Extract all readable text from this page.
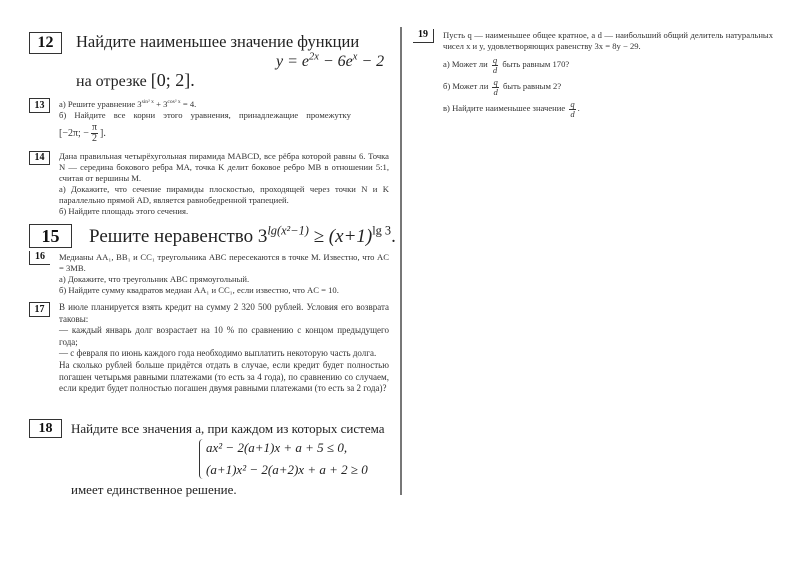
12	Найдите наименьшее значение функции
$y = e^{2x} - 6e^x - 2$
на отрезке [0; 2].
13	а) Решите уравнение $3^{sin^2 x} + 3^{cos^2 x} = 4$.
б) Найдите все корни этого уравнения, принадлежащие промежутку
[−2π; − $\frac{\pi}{2}$ ].
14	Дана правильная четырёхугольная пирамида MABCD, все рёбра которой равны 6. Точка N — середина бокового ребра MA, точка K делит боковое ребро MB в отношении 5:1, считая от вершины M.
а) Докажите, что сечение пирамиды плоскостью, проходящей через точки N и K параллельно прямой AD, является равнобедренной трапецией.
б) Найдите площадь этого сечения.
15	Решите неравенство $3^{lg(x^2-1)} \ge (x+1)^{lg 3}$.
16	Медианы AA₁, BB₁ и CC₁ треугольника ABC пересекаются в точке M. Известно, что AC = 3MB.
а) Докажите, что треугольник ABC прямоугольный.
б) Найдите сумму квадратов медиан AA₁ и CC₁, если известно, что AC = 10.
17	В июле планируется взять кредит на сумму 2 320 500 рублей. Условия его возврата таковы:
— каждый январь долг возрастает на 10 % по сравнению с концом предыдущего года;
— с февраля по июнь каждого года необходимо выплатить некоторую часть долга.
На сколько рублей больше придётся отдать в случае, если кредит будет полностью погашен четырьмя равными платежами (то есть за 4 года), по сравнению со случаем, если кредит будет полностью погашен двумя равными платежами (то есть за 2 года)?
18	Найдите все значения a, при каждом из которых система
ax² − 2(a+1)x + a + 5 ≤ 0,
(a+1)x² − 2(a+2)x + a + 2 ≥ 0
имеет единственное решение.
19	Пусть q — наименьшее общее кратное, а d — наибольший общий делитель натуральных чисел x и y, удовлетворяющих равенству 3x = 8y − 29.
а) Может ли $\frac{q}{d}$ быть равным 170?
б) Может ли $\frac{q}{d}$ быть равным 2?
в) Найдите наименьшее значение $\frac{q}{d}$ .
